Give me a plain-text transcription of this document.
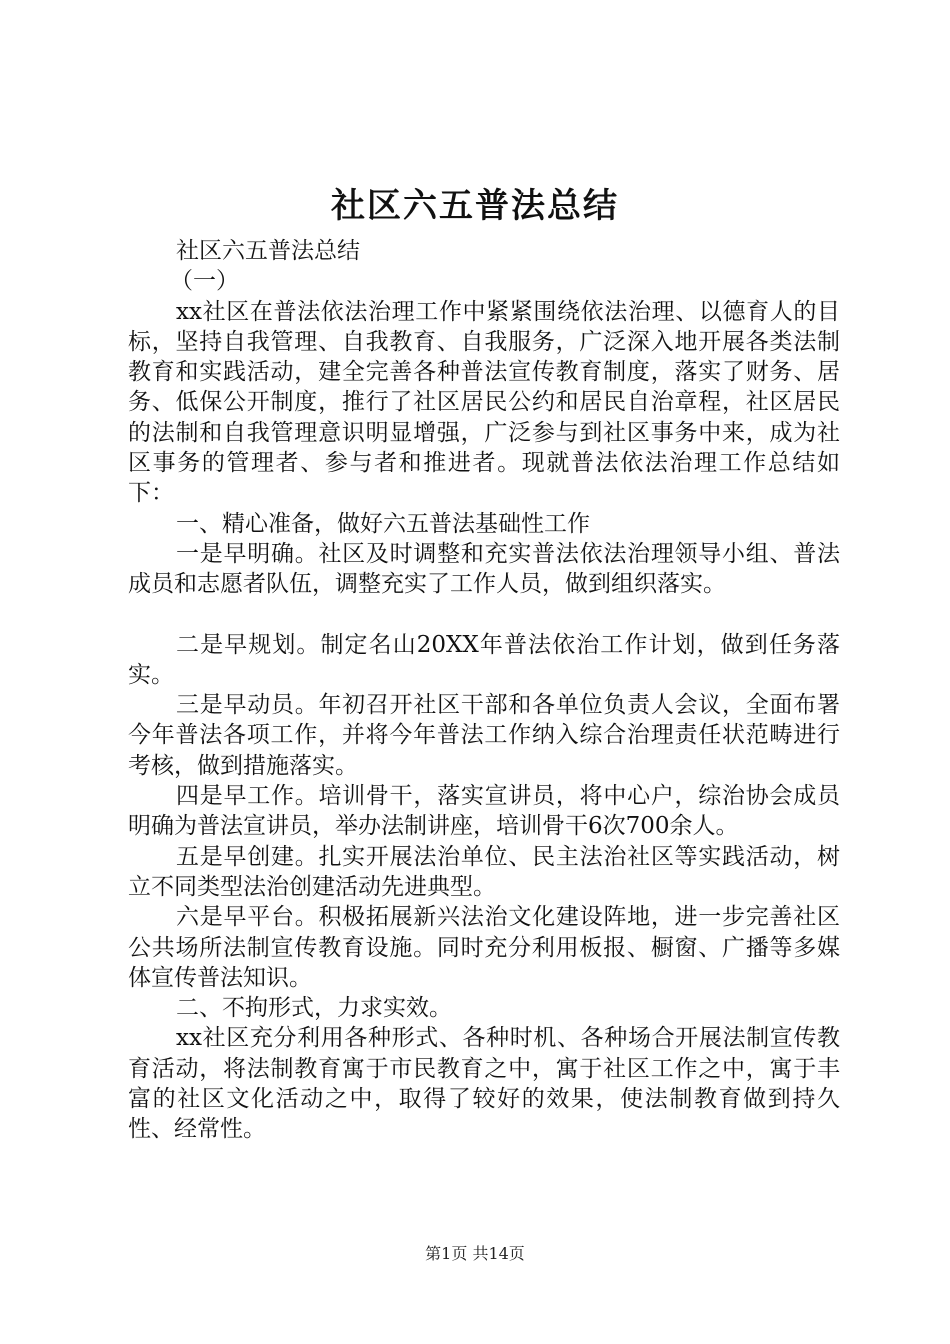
社区六五普法总结

社区六五普法总结

（一）

xx社区在普法依法治理工作中紧紧围绕依法治理、以德育人的目标，坚持自我管理、自我教育、自我服务，广泛深入地开展各类法制教育和实践活动，建全完善各种普法宣传教育制度，落实了财务、居务、低保公开制度，推行了社区居民公约和居民自治章程，社区居民的法制和自我管理意识明显增强，广泛参与到社区事务中来，成为社区事务的管理者、参与者和推进者。现就普法依法治理工作总结如下：

一、精心准备，做好六五普法基础性工作

一是早明确。社区及时调整和充实普法依法治理领导小组、普法成员和志愿者队伍，调整充实了工作人员，做到组织落实。

二是早规划。制定名山20XX年普法依治工作计划，做到任务落实。

三是早动员。年初召开社区干部和各单位负责人会议，全面布署今年普法各项工作，并将今年普法工作纳入综合治理责任状范畴进行考核，做到措施落实。

四是早工作。培训骨干，落实宣讲员，将中心户，综治协会成员明确为普法宣讲员，举办法制讲座，培训骨干6次700余人。

五是早创建。扎实开展法治单位、民主法治社区等实践活动，树立不同类型法治创建活动先进典型。

六是早平台。积极拓展新兴法治文化建设阵地，进一步完善社区公共场所法制宣传教育设施。同时充分利用板报、橱窗、广播等多媒体宣传普法知识。

二、不拘形式，力求实效。

xx社区充分利用各种形式、各种时机、各种场合开展法制宣传教育活动，将法制教育寓于市民教育之中，寓于社区工作之中，寓于丰富的社区文化活动之中，取得了较好的效果，使法制教育做到持久性、经常性。

第1页 共14页
